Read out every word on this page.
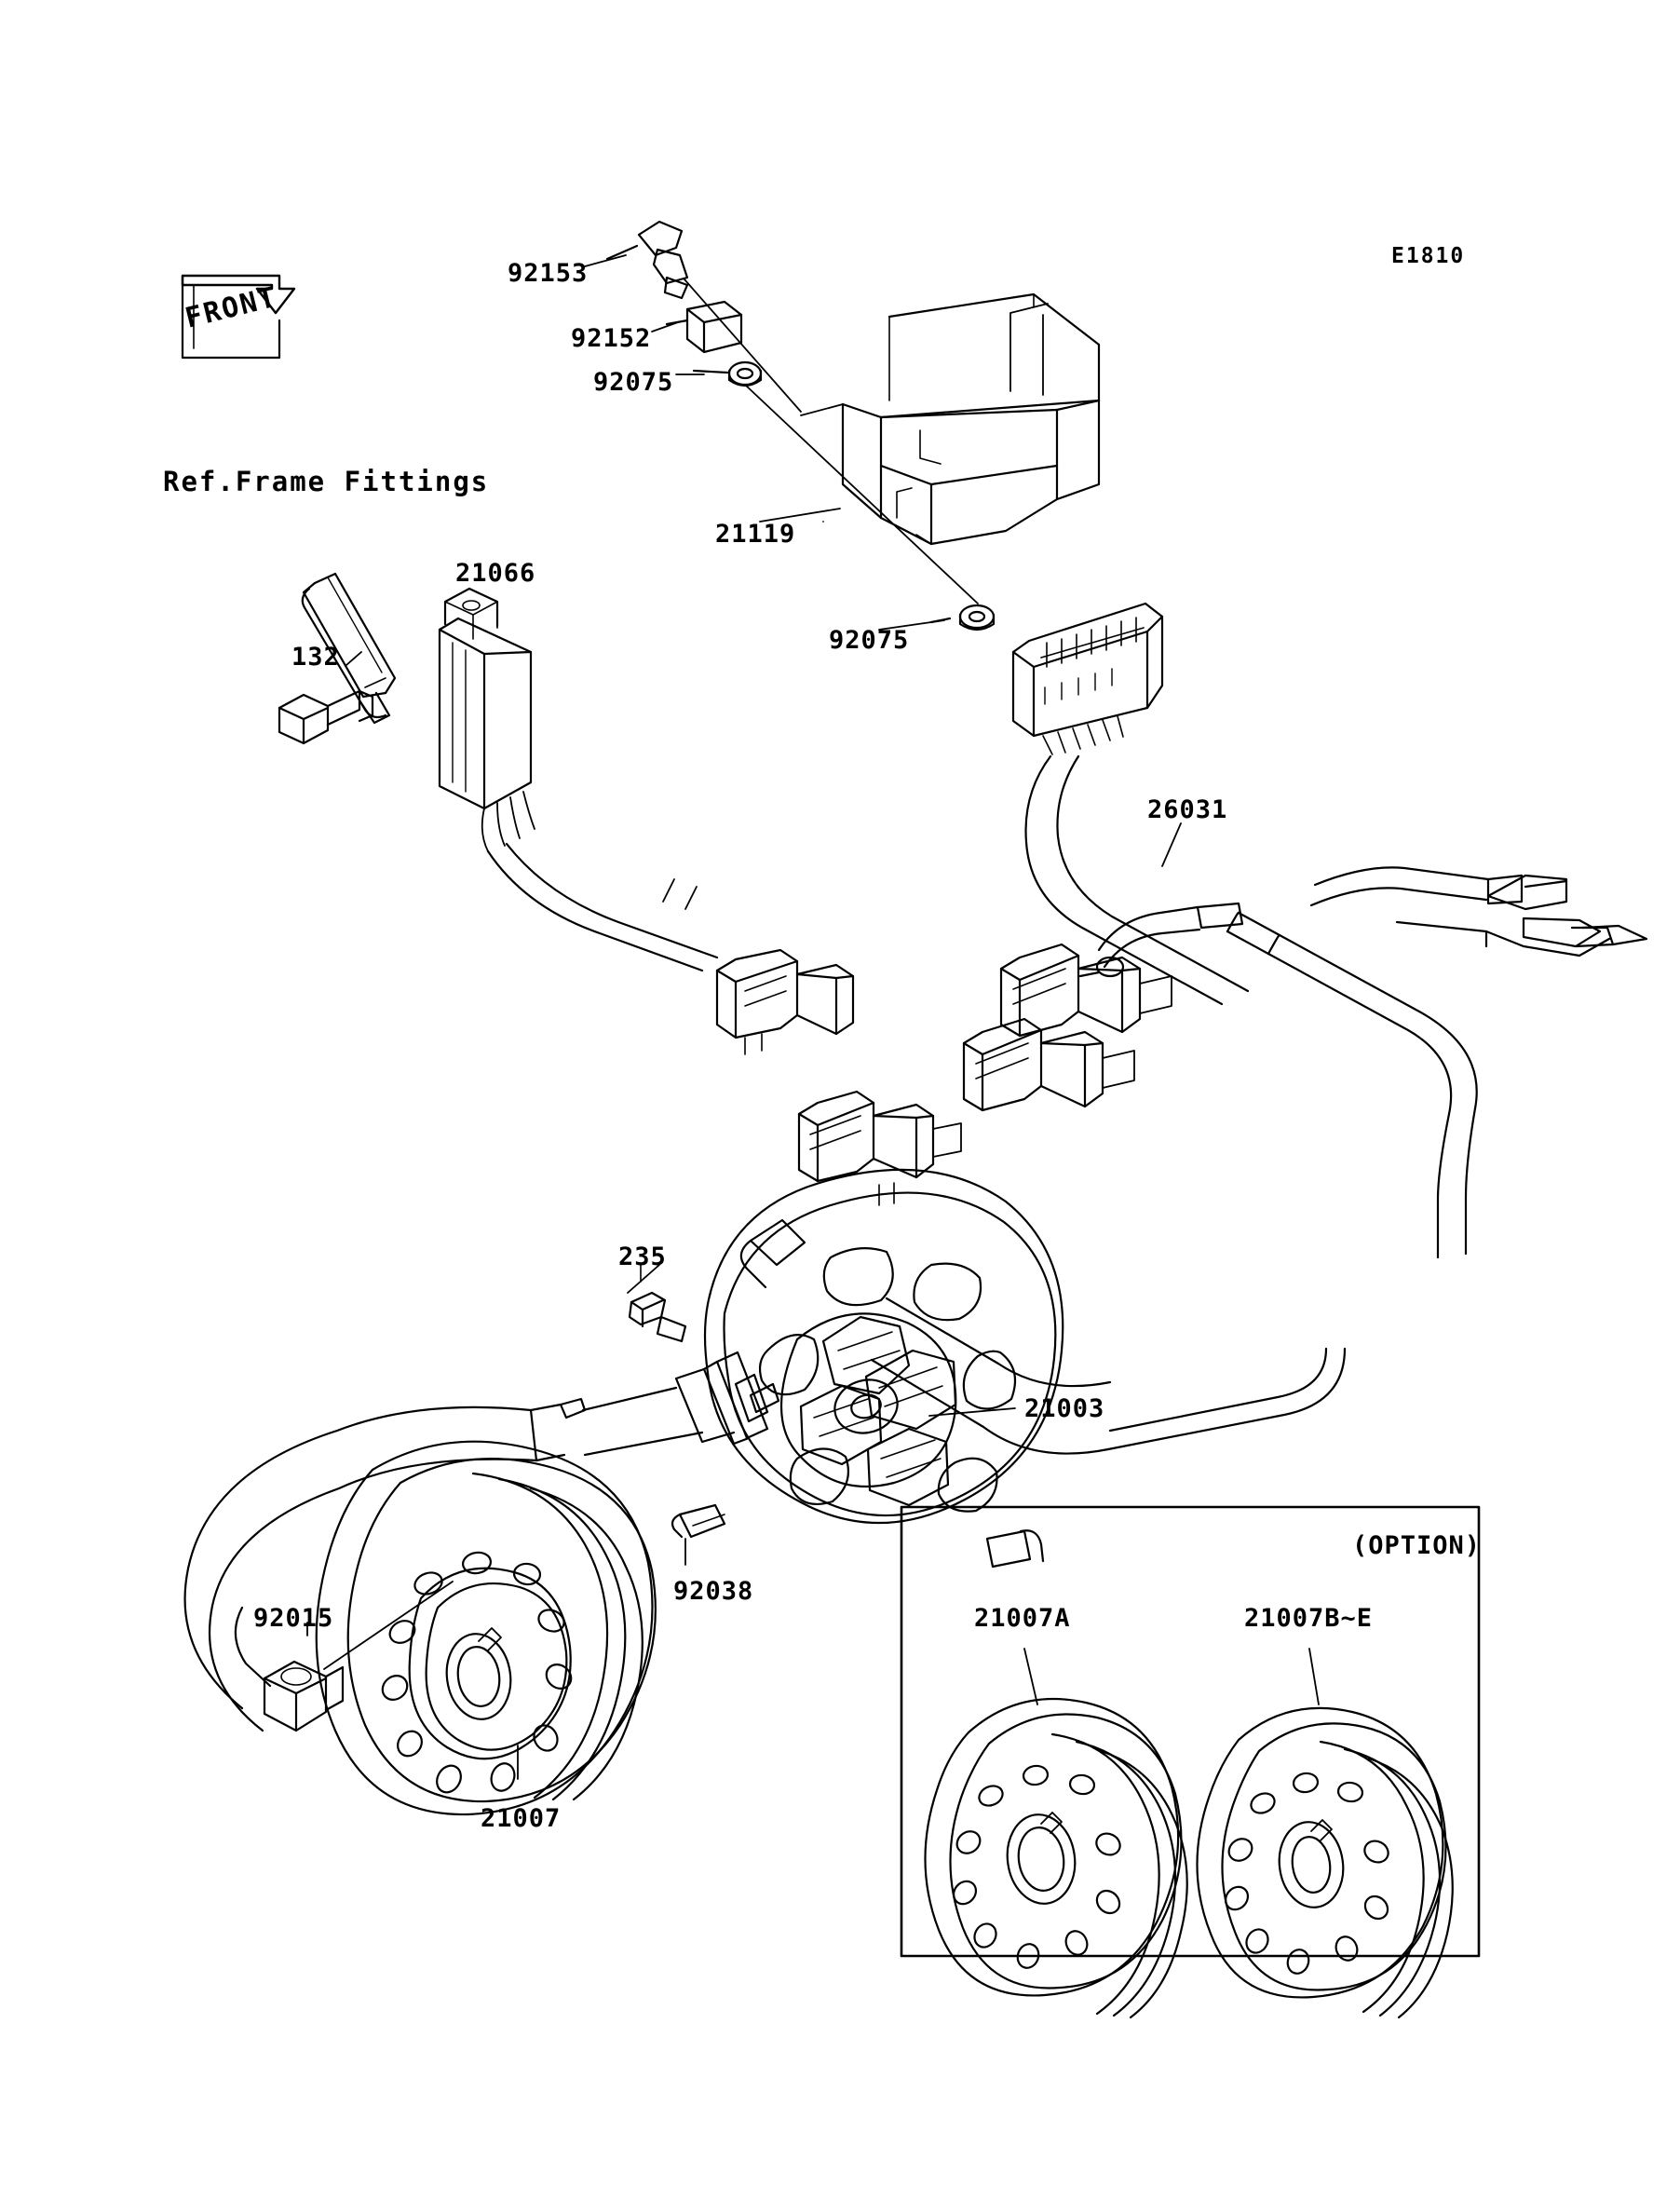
E1810
FRONT
Ref.Frame Fittings
92153
92152
92075
21119
92075
26031
21066
132
235
21003
92038
92015
21007
(OPTION)
21007A	21007B~E
